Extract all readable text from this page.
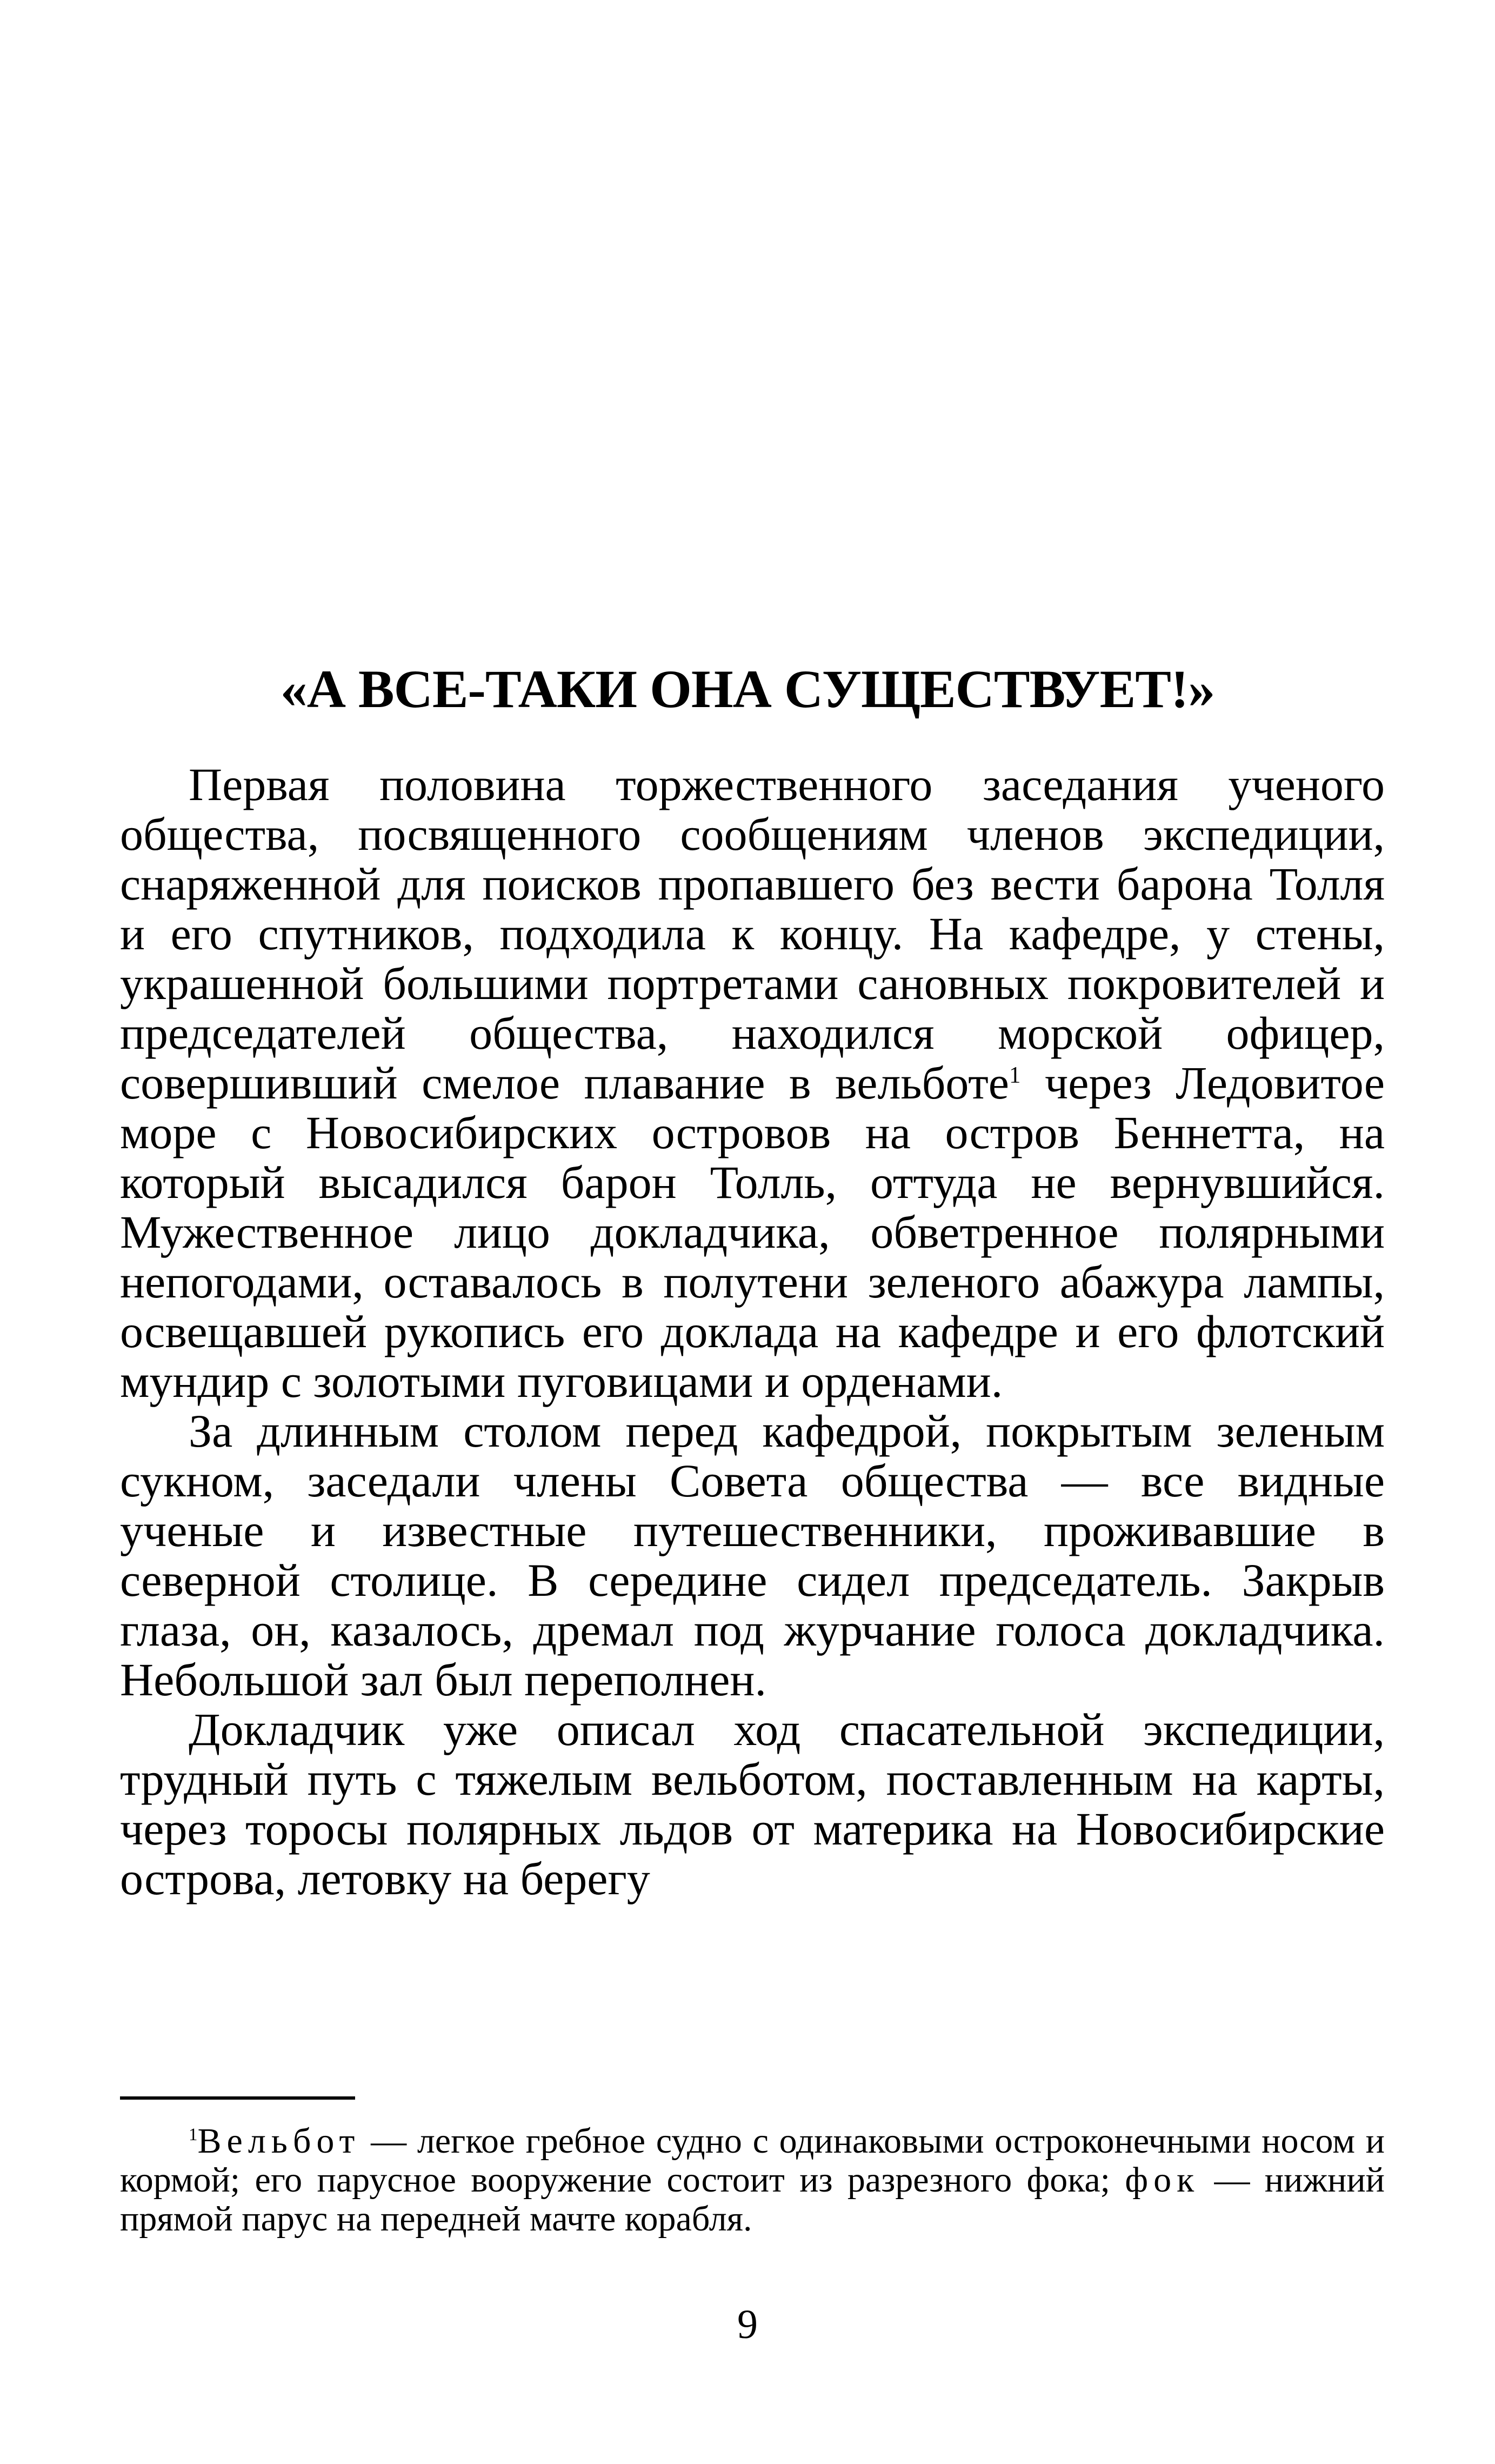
«А ВСЕ-ТАКИ ОНА СУЩЕСТВУЕТ!»

Первая половина торжественного заседания ученого общества, посвященного сообщениям членов экспедиции, снаряженной для поисков пропавшего без вести барона Толля и его спутников, подходила к концу. На кафедре, у стены, украшенной большими портретами сановных покровителей и председателей общества, находился морской офицер, совершивший смелое плавание в вельботе$^1$ через Ледовитое море с Новосибирских островов на остров Беннетта, на который высадился барон Толль, оттуда не вернувшийся. Мужественное лицо докладчика, обветренное полярными непогодами, оставалось в полутени зеленого абажура лампы, освещавшей рукопись его доклада на кафедре и его флотский мундир с золотыми пуговицами и орденами.

За длинным столом перед кафедрой, покрытым зеленым сукном, заседали члены Совета общества — все видные ученые и известные путешественники, проживавшие в северной столице. В середине сидел председатель. Закрыв глаза, он, казалось, дремал под журчание голоса докладчика. Небольшой зал был переполнен.

Докладчик уже описал ход спасательной экспедиции, трудный путь с тяжелым вельботом, поставленным на карты, через торосы полярных льдов от материка на Новосибирские острова, летовку на берегу

$^1$Вельбот — легкое гребное судно с одинаковыми остроконечными носом и кормой; его парусное вооружение состоит из разрезного фока; фок — нижний прямой парус на передней мачте корабля.
9
